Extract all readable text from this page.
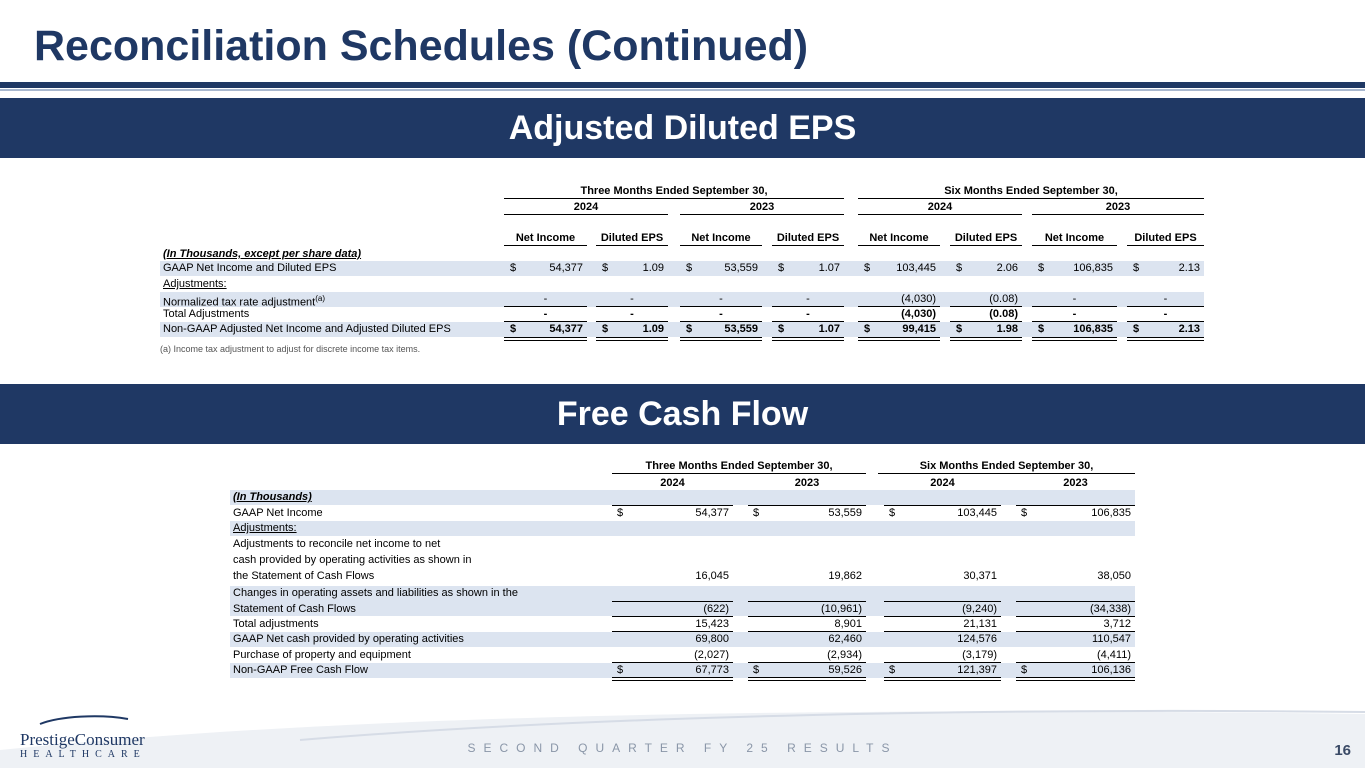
Reconciliation Schedules (Continued)
Adjusted Diluted EPS
Three Months Ended September 30,	Six Months Ended September 30,
2024	2023	2024	2023
Net Income	Diluted EPS	Net Income	Diluted EPS	Net Income	Diluted EPS	Net Income	Diluted EPS
(In Thousands, except per share data)
GAAP Net Income and Diluted EPS	$	54,377 $	1.09 $	53,559 $	1.07 $	103,445 $	2.06 $	106,835 $	2.13
Adjustments:
Normalized tax rate adjustment$^{(a)}$	-	-	-	-	(4,030)	(0.08)	-	-
Total Adjustments	-	-	-	-	(4,030)	(0.08)	-	-
Non-GAAP Adjusted Net Income and Adjusted Diluted EPS	$	54,377 $	1.09 $	53,559 $	1.07 $	99,415 $	1.98 $	106,835 $	2.13
(a) Income tax adjustment to adjust for discrete income tax items.
Free Cash Flow
Three Months Ended September 30,	Six Months Ended September 30,
2024	2023	2024	2023
(In Thousands)
GAAP Net Income	$	54,377 $	53,559 $	103,445 $	106,835
Adjustments:
Adjustments to reconcile net income to net
cash provided by operating activities as shown in
the Statement of Cash Flows	16,045	19,862	30,371	38,050
Changes in operating assets and liabilities as shown in the
Statement of Cash Flows	(622)	(10,961)	(9,240)	(34,338)
Total adjustments	15,423	8,901	21,131	3,712
GAAP Net cash provided by operating activities	69,800	62,460	124,576	110,547
Purchase of property and equipment	(2,027)	(2,934)	(3,179)	(4,411)
Non-GAAP Free Cash Flow	$	67,773 $	59,526 $	121,397 $	106,136
PrestigeConsumer
HEALTHCARE	SECOND QUARTER FY 25 RESULTS	16
